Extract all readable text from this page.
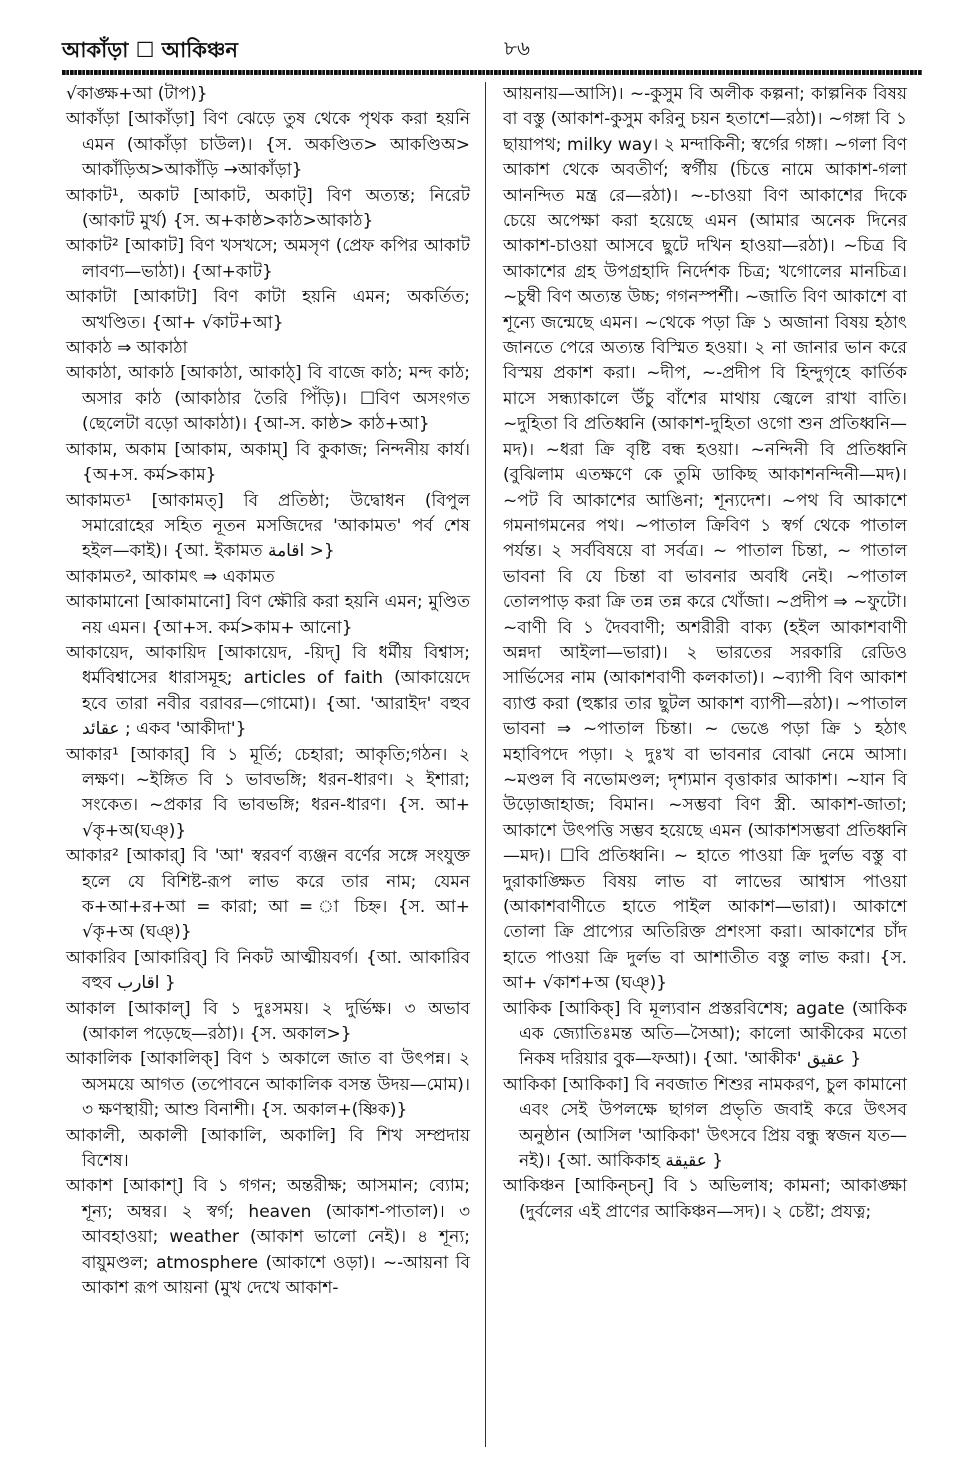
আকাঁড়া ☐ আকিঞ্চন	৮৬

√কাঙ্ক্ষ+আ (টাপ)}

আকাঁড়া [আকাঁড়া] বিণ ঝেড়ে তুষ থেকে পৃথক করা হয়নি এমন (আকাঁড়া চাউল)। {স. অকণ্ডিত> আকণ্ডিঅ> আকাঁড়িঅ>আকাঁড়ি →আকাঁড়া}

আকাট¹, অকাট [আকাট, অকাট্] বিণ অত্যন্ত; নিরেট (আকাট মুর্খ) {স. অ+কাষ্ঠ>কাঠ>আকাঠ}

আকাট² [আকাট] বিণ খসখসে; অমসৃণ (প্রেফ কপির আকাট লাবণ্য—ভাঠা)। {আ+কাট}

আকাটা [আকাটা] বিণ কাটা হয়নি এমন; অকর্তিত; অখণ্ডিত। {আ+ √কাট+আ}

আকাঠ ⇒ আকাঠা

আকাঠা, আকাঠ [আকাঠা, আকাঠ্] বি বাজে কাঠ; মন্দ কাঠ; অসার কাঠ (আকাঠার তৈরি পিঁড়ি)। ☐বিণ অসংগত (ছেলেটা বড়ো আকাঠা)। {আ-স. কাষ্ঠ> কাঠ+আ}

আকাম, অকাম [আকাম, অকাম্] বি কুকাজ; নিন্দনীয় কার্য। {অ+স. কর্ম>কাম}

আকামত¹ [আকামত্] বি প্রতিষ্ঠা; উদ্বোধন (বিপুল সমারোহের সহিত নূতন মসজিদের 'আকামত' পর্ব শেষ হইল—কাই)। {আ. ইকামত اقامة >}

আকামত², আকামৎ ⇒ একামত

আকামানো [আকামানো] বিণ ক্ষৌরি করা হয়নি এমন; মুণ্ডিত নয় এমন। {আ+স. কর্ম>কাম+ আনো}

আকায়েদ, আকায়িদ [আকায়েদ, -য়িদ্] বি ধর্মীয় বিশ্বাস; ধর্মবিশ্বাসের ধারাসমূহ; articles of faith (আকায়েদে হবে তারা নবীর বরাবর—গোমো)। {আ. 'আরাইদ' বহুব عقائد ; একব 'আকীদা'}

আকার¹ [আকার্] বি ১ মূর্তি; চেহারা; আকৃতি;গঠন। ২ লক্ষণ। ~ইঙ্গিত বি ১ ভাবভঙ্গি; ধরন-ধারণ। ২ ইশারা; সংকেত। ~প্রকার বি ভাবভঙ্গি; ধরন-ধারণ। {স. আ+ √কৃ+অ(ঘঞ্)}

আকার² [আকার্] বি 'আ' স্বরবর্ণ ব্যঞ্জন বর্ণের সঙ্গে সংযুক্ত হলে যে বিশিষ্ট-রূপ লাভ করে তার নাম; যেমন ক+আ+র+আ = কারা; আ = া চিহ্ন। {স. আ+ √কৃ+অ (ঘঞ্)}

আকারিব [আকারিব্] বি নিকট আত্মীয়বর্গ। {আ. আকারিব বহুব اقارب }

আকাল [আকাল্] বি ১ দুঃসময়। ২ দুর্ভিক্ষ। ৩ অভাব (আকাল পড়েছে—রঠা)। {স. অকাল>}

আকালিক [আকালিক্] বিণ ১ অকালে জাত বা উৎপন্ন। ২ অসময়ে আগত (তপোবনে আকালিক বসন্ত উদয়—মোম)। ৩ ক্ষণস্থায়ী; আশু বিনাশী। {স. অকাল+(ষ্ণিক)}

আকালী, অকালী [আকালি, অকালি] বি শিখ সম্প্রদায় বিশেষ।

আকাশ [আকাশ্] বি ১ গগন; অন্তরীক্ষ; আসমান; ব্যোম; শূন্য; অম্বর। ২ স্বর্গ; heaven (আকাশ-পাতাল)। ৩ আবহাওয়া; weather (আকাশ ভালো নেই)। ৪ শূন্য; বায়ুমণ্ডল; atmosphere (আকাশে ওড়া)। ~-আয়না বি আকাশ রূপ আয়না (মুখ দেখে আকাশ-

আয়নায়—আসি)। ~-কুসুম বি অলীক কল্পনা; কাল্পনিক বিষয় বা বস্তু (আকাশ-কুসুম করিনু চয়ন হতাশে—রঠা)। ~গঙ্গা বি ১ ছায়াপথ; milky way। ২ মন্দাকিনী; স্বর্গের গঙ্গা। ~গলা বিণ আকাশ থেকে অবতীর্ণ; স্বর্গীয় (চিত্তে নামে আকাশ-গলা আনন্দিত মন্ত্র রে—রঠা)। ~-চাওয়া বিণ আকাশের দিকে চেয়ে অপেক্ষা করা হয়েছে এমন (আমার অনেক দিনের আকাশ-চাওয়া আসবে ছুটে দখিন হাওয়া—রঠা)। ~চিত্র বি আকাশের গ্রহ উপগ্রহাদি নির্দেশক চিত্র; খগোলের মানচিত্র। ~চুম্বী বিণ অত্যন্ত উচ্চ; গগনস্পর্শী। ~জাতি বিণ আকাশে বা শূন্যে জন্মেছে এমন। ~থেকে পড়া ক্রি ১ অজানা বিষয় হঠাৎ জানতে পেরে অত্যন্ত বিস্মিত হওয়া। ২ না জানার ভান করে বিস্ময় প্রকাশ করা। ~দীপ, ~-প্রদীপ বি হিন্দুগৃহে কার্তিক মাসে সন্ধ্যাকালে উঁচু বাঁশের মাথায় জ্বেলে রাখা বাতি। ~দুহিতা বি প্রতিধ্বনি (আকাশ-দুহিতা ওগো শুন প্রতিধ্বনি—মদ)। ~ধরা ক্রি বৃষ্টি বন্ধ হওয়া। ~নন্দিনী বি প্রতিধ্বনি (বুঝিলাম এতক্ষণে কে তুমি ডাকিছ আকাশনন্দিনী—মদ)। ~পট বি আকাশের আঙিনা; শূন্যদেশ। ~পথ বি আকাশে গমনাগমনের পথ। ~পাতাল ক্রিবিণ ১ স্বর্গ থেকে পাতাল পর্যন্ত। ২ সর্ববিষয়ে বা সর্বত্র। ~ পাতাল চিন্তা, ~ পাতাল ভাবনা বি যে চিন্তা বা ভাবনার অবধি নেই। ~পাতাল তোলপাড় করা ক্রি তন্ন তন্ন করে খোঁজা। ~প্রদীপ ⇒ ~ফুটো। ~বাণী বি ১ দৈববাণী; অশরীরী বাক্য (হইল আকাশবাণী অন্নদা আইলা—ভারা)। ২ ভারতের সরকারি রেডিও সার্ভিসের নাম (আকাশবাণী কলকাতা)। ~ব্যাপী বিণ আকাশ ব্যাপ্ত করা (হুঙ্কার তার ছুটল আকাশ ব্যাপী—রঠা)। ~পাতাল ভাবনা ⇒ ~পাতাল চিন্তা। ~ ভেঙে পড়া ক্রি ১ হঠাৎ মহাবিপদে পড়া। ২ দুঃখ বা ভাবনার বোঝা নেমে আসা। ~মণ্ডল বি নভোমণ্ডল; দৃশ্যমান বৃত্তাকার আকাশ। ~যান বি উড়োজাহাজ; বিমান। ~সম্ভবা বিণ স্ত্রী. আকাশ-জাতা; আকাশে উৎপত্তি সম্ভব হয়েছে এমন (আকাশসম্ভবা প্রতিধ্বনি—মদ)। ☐বি প্রতিধ্বনি। ~ হাতে পাওয়া ক্রি দুর্লভ বস্তু বা দুরাকাঙ্ক্ষিত বিষয় লাভ বা লাভের আশ্বাস পাওয়া (আকাশবাণীতে হাতে পাইল আকাশ—ভারা)। আকাশে তোলা ক্রি প্রাপ্যের অতিরিক্ত প্রশংসা করা। আকাশের চাঁদ হাতে পাওয়া ক্রি দুর্লভ বা আশাতীত বস্তু লাভ করা। {স. আ+ √কাশ+অ (ঘঞ্)}

আকিক [আকিক্] বি মূল্যবান প্রস্তরবিশেষ; agate (আকিক এক জ্যোতিঃমন্ত অতি—সৈআ); কালো আকীকের মতো নিকষ দরিয়ার বুক—ফআ)। {আ. 'আকীক' عقيق }

আকিকা [আকিকা] বি নবজাত শিশুর নামকরণ, চুল কামানো এবং সেই উপলক্ষে ছাগল প্রভৃতি জবাই করে উৎসব অনুষ্ঠান (আসিল 'আকিকা' উৎসবে প্রিয় বন্ধু স্বজন যত—নই)। {আ. আকিকাহ عقيقة }

আকিঞ্চন [আকিন্চন্] বি ১ অভিলাষ; কামনা; আকাঙ্ক্ষা (দুর্বলের এই প্রাণের আকিঞ্চন—সদ)। ২ চেষ্টা; প্রযত্ন;
